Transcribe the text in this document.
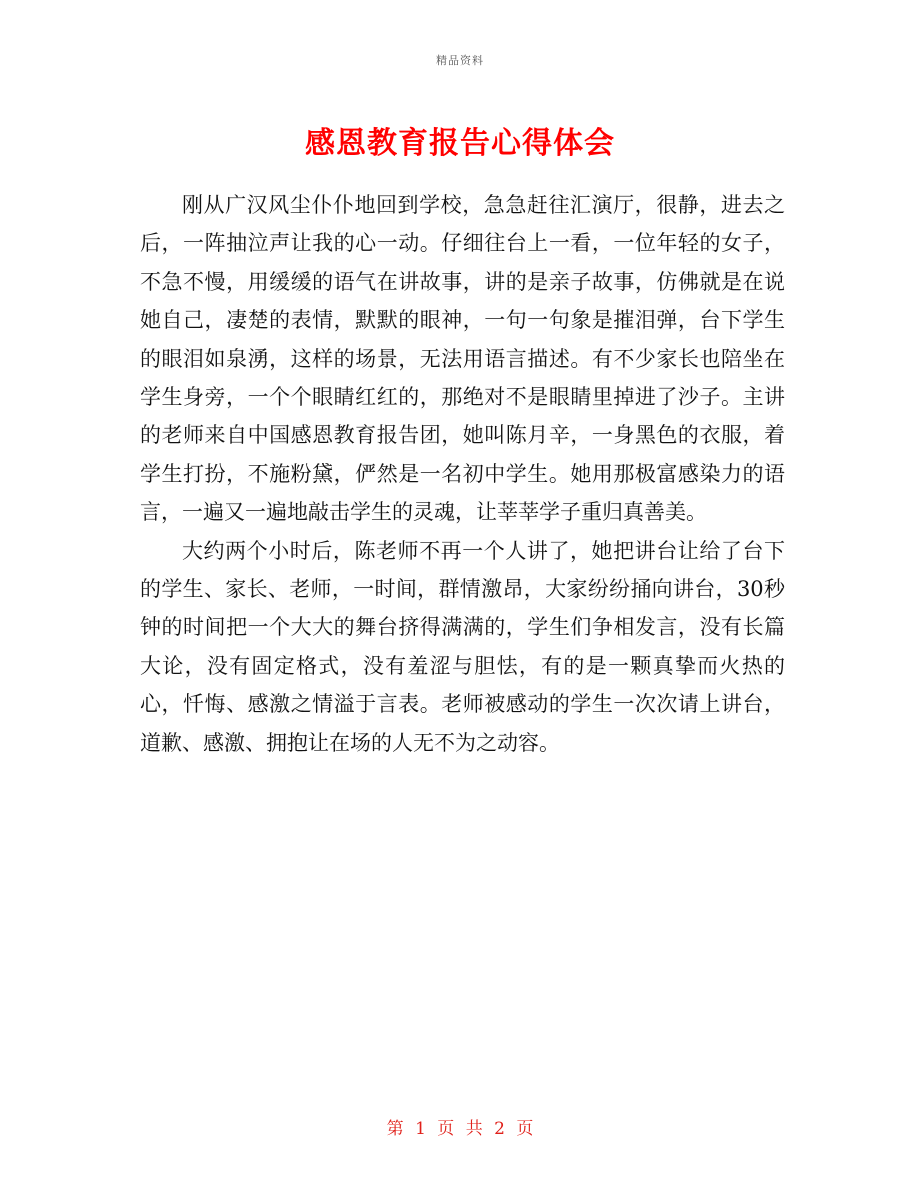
精品资料
感恩教育报告心得体会

刚从广汉风尘仆仆地回到学校，急急赶往汇演厅，很静，进去之后，一阵抽泣声让我的心一动。仔细往台上一看，一位年轻的女子，不急不慢，用缓缓的语气在讲故事，讲的是亲子故事，仿佛就是在说她自己，凄楚的表情，默默的眼神，一句一句象是摧泪弹，台下学生的眼泪如泉湧，这样的场景，无法用语言描述。有不少家长也陪坐在学生身旁，一个个眼睛红红的，那绝对不是眼睛里掉进了沙子。主讲的老师来自中国感恩教育报告团，她叫陈月辛，一身黑色的衣服，着学生打扮，不施粉黛，俨然是一名初中学生。她用那极富感染力的语言，一遍又一遍地敲击学生的灵魂，让莘莘学子重归真善美。

大约两个小时后，陈老师不再一个人讲了，她把讲台让给了台下的学生、家长、老师，一时间，群情激昂，大家纷纷捅向讲台，30秒钟的时间把一个大大的舞台挤得满满的，学生们争相发言，没有长篇大论，没有固定格式，没有羞涩与胆怯，有的是一颗真挚而火热的心，忏悔、感激之情溢于言表。老师被感动的学生一次次请上讲台，道歉、感激、拥抱让在场的人无不为之动容。

第 1 页 共 2 页
